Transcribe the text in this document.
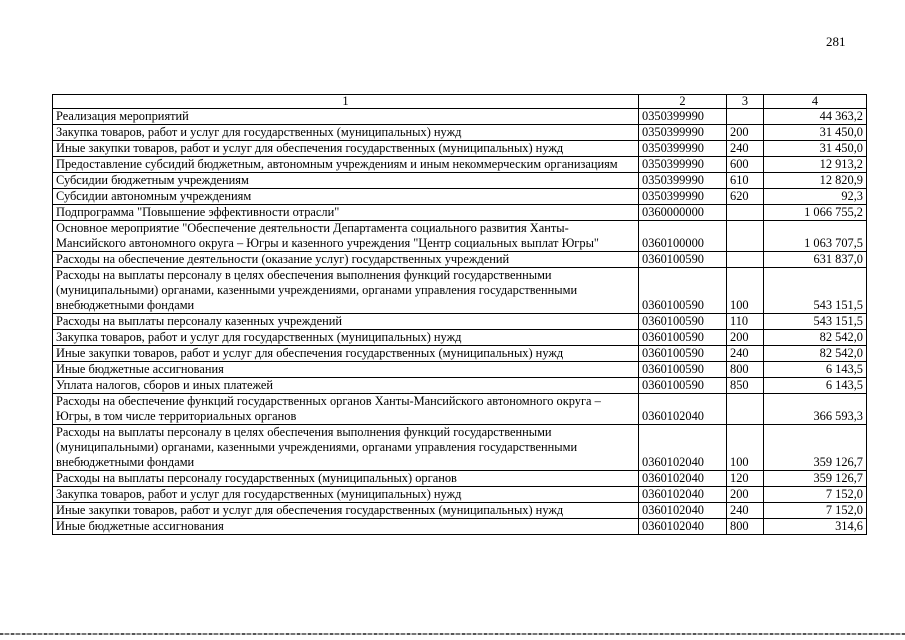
281
1	2	3	4
Реализация мероприятий	0350399990		44 363,2
Закупка товаров, работ и услуг для государственных (муниципальных) нужд	0350399990	200	31 450,0
Иные закупки товаров, работ и услуг для обеспечения государственных (муниципальных) нужд	0350399990	240	31 450,0
Предоставление субсидий бюджетным, автономным учреждениям и иным некоммерческим организациям	0350399990	600	12 913,2
Субсидии бюджетным учреждениям	0350399990	610	12 820,9
Субсидии автономным учреждениям	0350399990	620	92,3
Подпрограмма "Повышение эффективности отрасли"	0360000000		1 066 755,2
Основное мероприятие "Обеспечение деятельности Департамента социального развития Ханты-Мансийского автономного округа – Югры и казенного учреждения "Центр социальных выплат Югры"	0360100000		1 063 707,5
Расходы на обеспечение деятельности (оказание услуг) государственных учреждений	0360100590		631 837,0
Расходы на выплаты персоналу в целях обеспечения выполнения функций государственными (муниципальными) органами, казенными учреждениями, органами управления государственными внебюджетными фондами	0360100590	100	543 151,5
Расходы на выплаты персоналу казенных учреждений	0360100590	110	543 151,5
Закупка товаров, работ и услуг для государственных (муниципальных) нужд	0360100590	200	82 542,0
Иные закупки товаров, работ и услуг для обеспечения государственных (муниципальных) нужд	0360100590	240	82 542,0
Иные бюджетные ассигнования	0360100590	800	6 143,5
Уплата налогов, сборов и иных платежей	0360100590	850	6 143,5
Расходы на обеспечение функций государственных органов Ханты-Мансийского автономного округа – Югры, в том числе территориальных органов	0360102040		366 593,3
Расходы на выплаты персоналу в целях обеспечения выполнения функций государственными (муниципальными) органами, казенными учреждениями, органами управления государственными внебюджетными фондами	0360102040	100	359 126,7
Расходы на выплаты персоналу государственных (муниципальных) органов	0360102040	120	359 126,7
Закупка товаров, работ и услуг для государственных (муниципальных) нужд	0360102040	200	7 152,0
Иные закупки товаров, работ и услуг для обеспечения государственных (муниципальных) нужд	0360102040	240	7 152,0
Иные бюджетные ассигнования	0360102040	800	314,6
